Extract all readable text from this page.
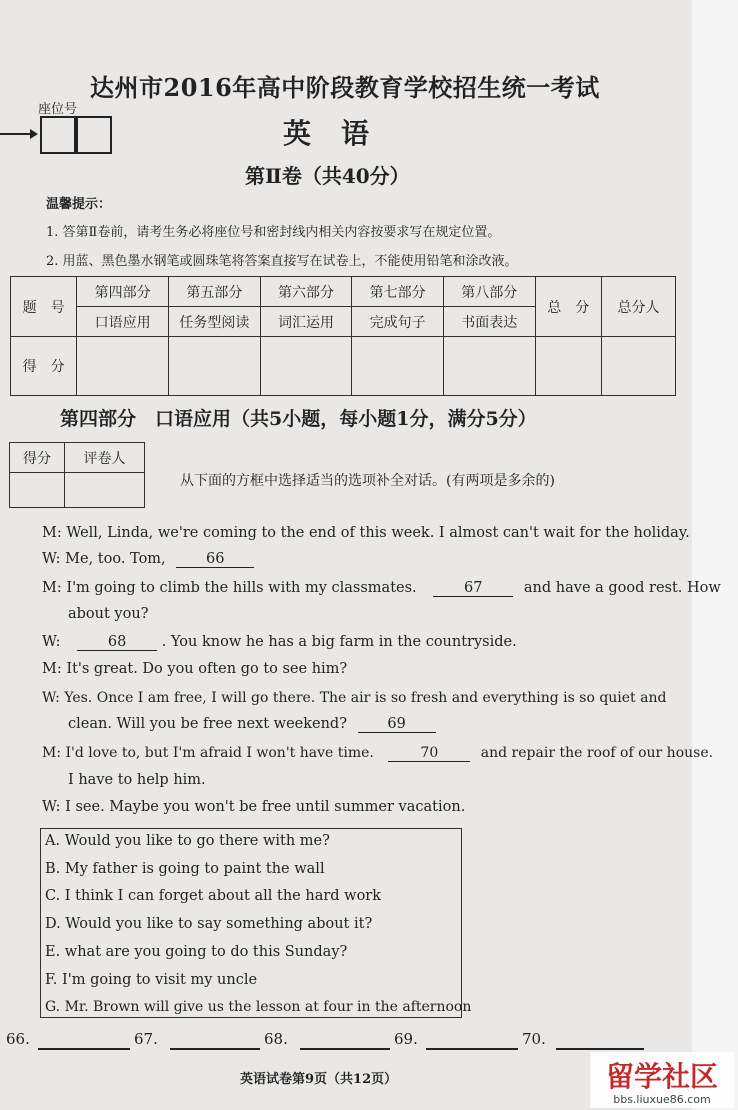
达州市2016年高中阶段教育学校招生统一考试
英语
第Ⅱ卷（共40分）
座位号
温馨提示：
1. 答第Ⅱ卷前，请考生务必将座位号和密封线内相关内容按要求写在规定位置。
2. 用蓝、黑色墨水钢笔或圆珠笔将答案直接写在试卷上，不能使用铅笔和涂改液。
题　号	第四部分	第五部分	第六部分	第七部分	第八部分	总　分	总分人
	口语应用	任务型阅读	词汇运用	完成句子	书面表达		
得　分							
第四部分　口语应用（共5小题，每小题1分，满分5分）
得分	评卷人

从下面的方框中选择适当的选项补全对话。(有两项是多余的)
M: Well, Linda, we're coming to the end of this week. I almost can't wait for the holiday.
W: Me, too. Tom,	66
M: I'm going to climb the hills with my classmates.	67	and have a good rest. How
about you?
W:	68 . You know he has a big farm in the countryside.
M: It's great. Do you often go to see him?
W: Yes. Once I am free, I will go there. The air is so fresh and everything is so quiet and
clean. Will you be free next weekend?	69
M: I'd love to, but I'm afraid I won't have time.	70	and repair the roof of our house.
I have to help him.
W: I see. Maybe you won't be free until summer vacation.
A. Would you like to go there with me?
B. My father is going to paint the wall
C. I think I can forget about all the hard work
D. Would you like to say something about it?
E. what are you going to do this Sunday?
F. I'm going to visit my uncle
G. Mr. Brown will give us the lesson at four in the afternoon
66.	67.	68.	69.	70.
英语试卷第9页（共12页）	留学社区
bbs.liuxue86.com
